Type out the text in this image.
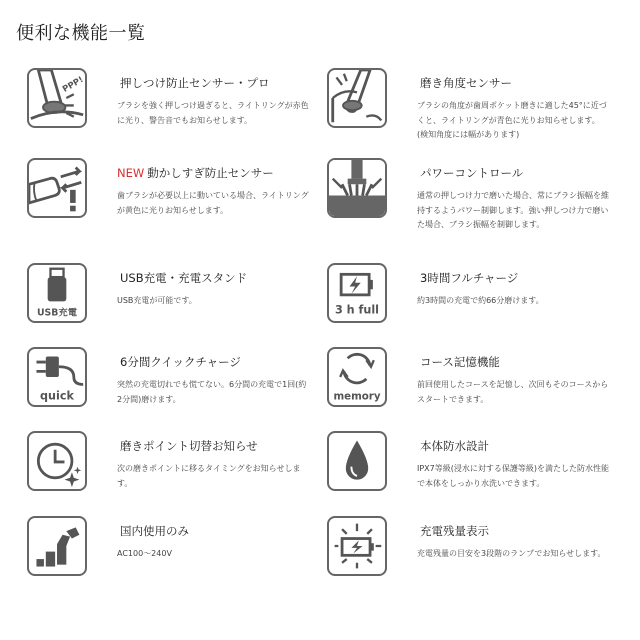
便利な機能一覧
PPP!	押しつけ防止センサー・プロ
ブラシを強く押しつけ過ぎると、ライトリングが赤色に光り、警告音でもお知らせします。
磨き角度センサー
ブラシの角度が歯周ポケット磨きに適した45°に近づくと、ライトリングが青色に光りお知らせします。(検知角度には幅があります)
NEW 動かしすぎ防止センサー
歯ブラシが必要以上に動いている場合、ライトリングが黄色に光りお知らせします。
パワーコントロール
通常の押しつけ力で磨いた場合、常にブラシ振幅を維持するようパワー制御します。強い押しつけ力で磨いた場合、ブラシ振幅を制御します。
USB充電
USB充電・充電スタンド
USB充電が可能です。
3 h full
3時間フルチャージ
約3時間の充電で約66分磨けます。
quick
6分間クイックチャージ
突然の充電切れでも慌てない。6分間の充電で1回(約2分間)磨けます。	memory
コース記憶機能
前回使用したコースを記憶し、次回もそのコースからスタートできます。
磨きポイント切替お知らせ
次の磨きポイントに移るタイミングをお知らせします。
本体防水設計
IPX7等級(浸水に対する保護等級)を満たした防水性能で本体をしっかり水洗いできます。
国内使用のみ
AC100～240V
充電残量表示
充電残量の目安を3段階のランプでお知らせします。
